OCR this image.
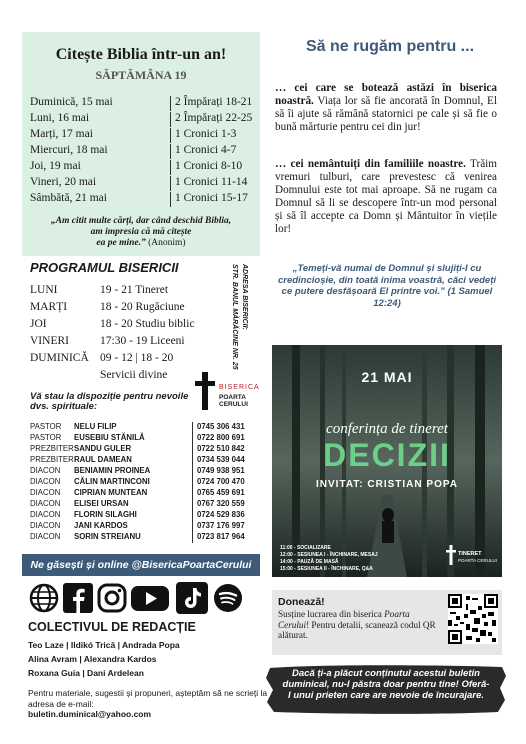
Citește Biblia într-un an!
SĂPTĂMÂNA 19
Duminică, 15 mai	2 Împărați 18-21
Luni, 16 mai	2 Împărați 22-25
Marți, 17 mai	1 Cronici 1-3
Miercuri, 18 mai	1 Cronici 4-7
Joi, 19 mai	1 Cronici 8-10
Vineri, 20 mai	1 Cronici 11-14
Sâmbătă, 21 mai	1 Cronici 15-17
„Am citit multe cărți, dar când deschid Biblia,
am impresia că mă citește
ea pe mine.” (Anonim)
PROGRAMUL BISERICII
LUNI	19 - 21 Tineret
MARȚI	18 - 20 Rugăciune
JOI	18 - 20 Studiu biblic
VINERI	17:30 - 19 Liceeni
DUMINICĂ 09 - 12 | 18 - 20
Servicii divine
ADRESA BISERICII:
STR. BANUL MĂRĂCINE NR. 25
Vă stau la dispoziție pentru nevoile dvs. spirituale:
BISERICA
POARTA CERULUI
PASTOR	NELU FILIP	0745 306 431
PASTOR	EUSEBIU STĂNILĂ	0722 800 691
PREZBITER SANDU GULER	0722 510 842
PREZBITER RAUL DAMEAN	0734 539 044
DIACON	BENIAMIN PROINEA	0749 938 951
DIACON	CĂLIN MARTINCONI	0724 700 470
DIACON	CIPRIAN MUNTEAN	0765 459 691
DIACON	ELISEI URSAN	0767 320 559
DIACON	FLORIN SILAGHI	0724 529 836
DIACON	JANI KARDOS	0737 176 997
DIACON	SORIN STREIANU	0723 817 964
Ne găsești și online @BisericaPoartaCerului
COLECTIVUL DE REDACȚIE
Teo Laze | Ildikó Trică | Andrada Popa
Alina Avram | Alexandra Kardos
Roxana Guia | Dani Ardelean
Pentru materiale, sugestii și propuneri, așteptăm să ne scrieți la adresa de e-mail:
buletin.duminical@yahoo.com
Să ne rugăm pentru ...
… cei care se botează astăzi în biserica noastră. Viața lor să fie ancorată în Domnul, El să îi ajute să rămână statornici pe cale și să fie o bună mărturie pentru cei din jur!
… cei nemântuiți din familiile noastre. Trăim vremuri tulburi, care prevestesc că venirea Domnului este tot mai aproape. Să ne rugam ca Domnul să li se descopere într-un mod personal și să îl accepte ca Domn și Mântuitor în viețile lor!
„Temeți-vă numai de Domnul și slujiți-I cu credincioșie, din toată inima voastră, căci vedeți ce putere desfășoară El printre voi.” (1 Samuel 12:24)
21 MAI
conferința de tineret
DECIZII
INVITAT: CRISTIAN POPA
11:00 - SOCIALIZARE
12:00 - SESIUNEA I - ÎNCHINARE, MESAJ
14:00 - PAUZĂ DE MASĂ
15:00 - SESIUNEA II - ÎNCHINARE, Q&A
TINERET
POARTA CERULUI
Donează!
Susține lucrarea din biserica Poarta Cerului! Pentru detalii, scanează codul QR alăturat.
Dacă ți-a plăcut conținutul acestui buletin duminical, nu-l păstra doar pentru tine! Oferă-l unui prieten care are nevoie de încurajare.
